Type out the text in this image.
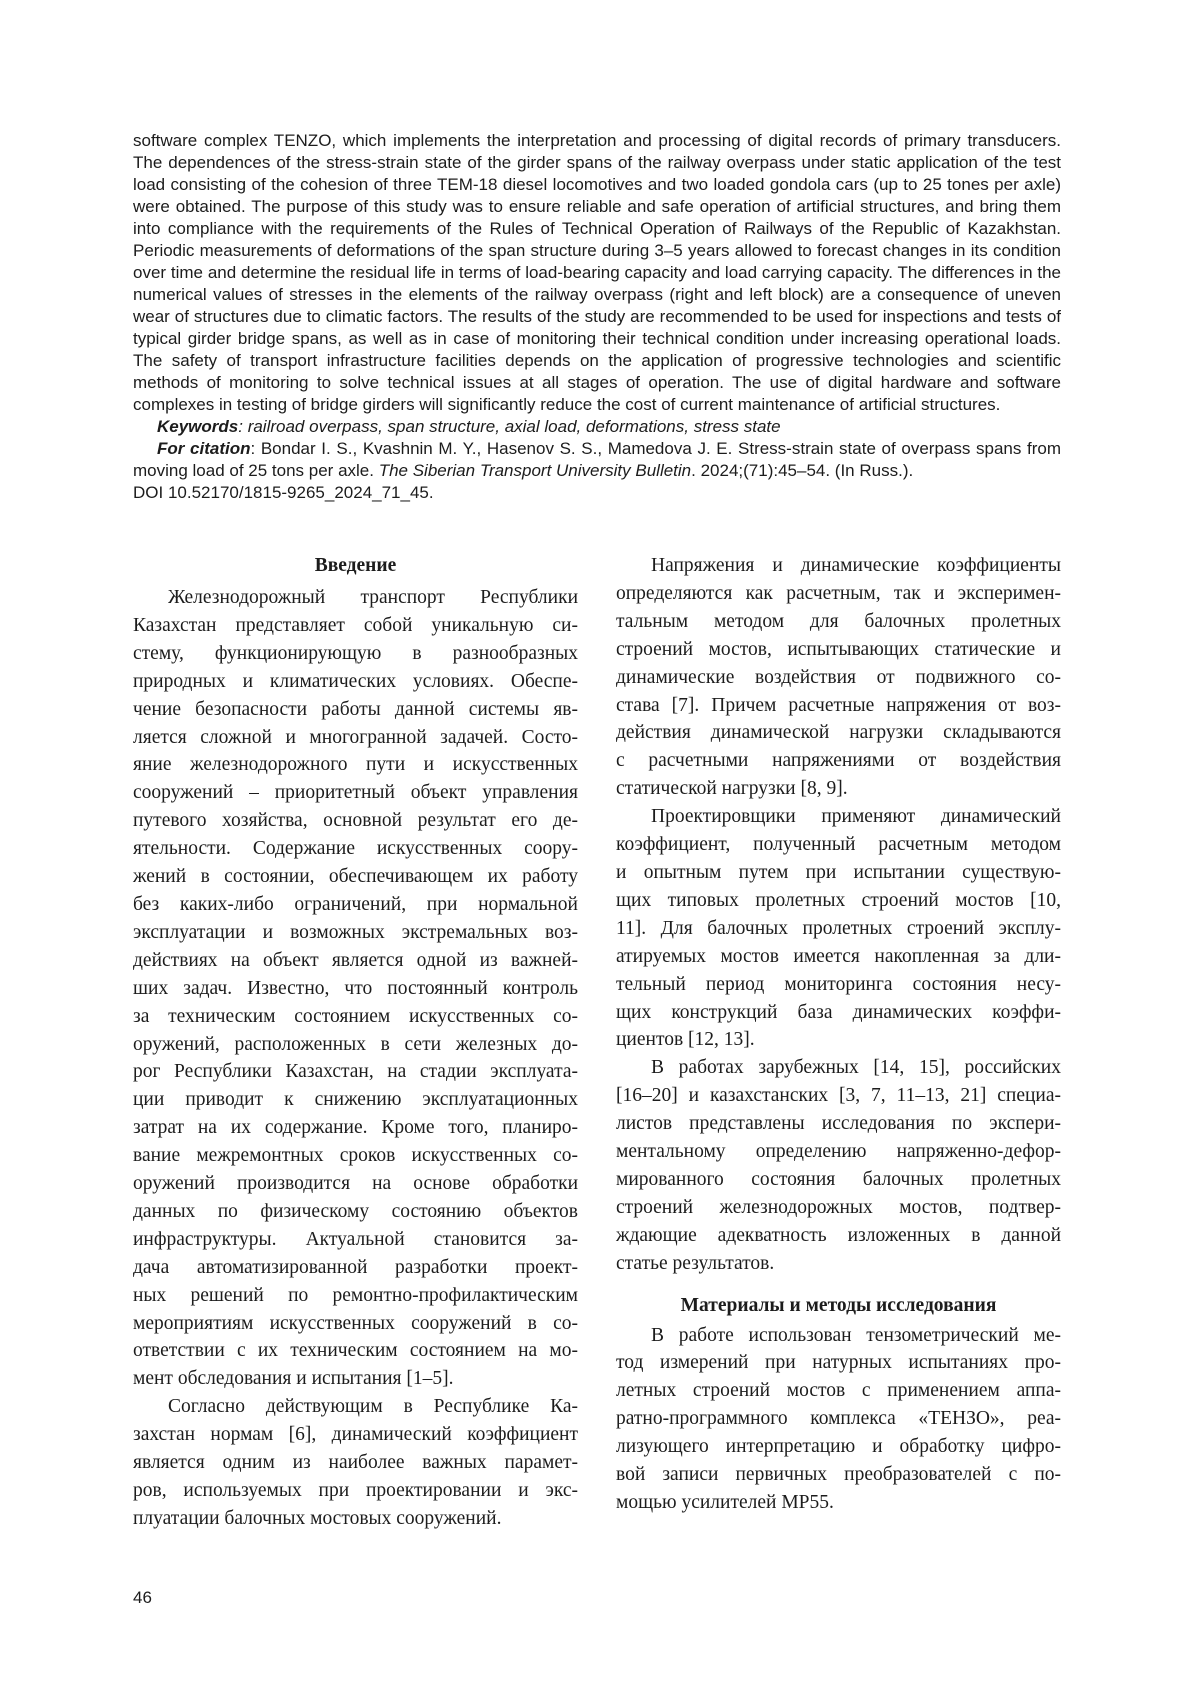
software complex TENZO, which implements the interpretation and processing of digital records of primary transducers. The dependences of the stress-strain state of the girder spans of the railway overpass under static application of the test load consisting of the cohesion of three TEM-18 diesel locomotives and two loaded gondola cars (up to 25 tones per axle) were obtained. The purpose of this study was to ensure reliable and safe operation of artificial structures, and bring them into compliance with the requirements of the Rules of Technical Operation of Railways of the Republic of Kazakhstan. Periodic measurements of deformations of the span structure during 3–5 years allowed to forecast changes in its condition over time and determine the residual life in terms of load-bearing capacity and load carrying capacity. The differences in the numerical values of stresses in the elements of the railway overpass (right and left block) are a consequence of uneven wear of structures due to climatic factors. The results of the study are recommended to be used for inspections and tests of typical girder bridge spans, as well as in case of monitoring their technical condition under increasing operational loads. The safety of transport infrastructure facilities depends on the application of progressive technologies and scientific methods of monitoring to solve technical issues at all stages of operation. The use of digital hardware and software complexes in testing of bridge girders will significantly reduce the cost of current maintenance of artificial structures.

Keywords: railroad overpass, span structure, axial load, deformations, stress state

For citation: Bondar I. S., Kvashnin M. Y., Hasenov S. S., Mamedova J. E. Stress-strain state of overpass spans from moving load of 25 tons per axle. The Siberian Transport University Bulletin. 2024;(71):45–54. (In Russ.).

DOI 10.52170/1815-9265_2024_71_45.

Введение
Железнодорожный транспорт Республики
Казахстан представляет собой уникальную си-
стему, функционирующую в разнообразных
природных и климатических условиях. Обеспе-
чение безопасности работы данной системы яв-
ляется сложной и многогранной задачей. Состо-
яние железнодорожного пути и искусственных
сооружений – приоритетный объект управления
путевого хозяйства, основной результат его де-
ятельности. Содержание искусственных соору-
жений в состоянии, обеспечивающем их работу
без каких-либо ограничений, при нормальной
эксплуатации и возможных экстремальных воз-
действиях на объект является одной из важней-
ших задач. Известно, что постоянный контроль
за техническим состоянием искусственных со-
оружений, расположенных в сети железных до-
рог Республики Казахстан, на стадии эксплуата-
ции приводит к снижению эксплуатационных
затрат на их содержание. Кроме того, планиро-
вание межремонтных сроков искусственных со-
оружений производится на основе обработки
данных по физическому состоянию объектов
инфраструктуры. Актуальной становится за-
дача автоматизированной разработки проект-
ных решений по ремонтно-профилактическим
мероприятиям искусственных сооружений в со-
ответствии с их техническим состоянием на мо-
мент обследования и испытания [1–5].
Согласно действующим в Республике Ка-
захстан нормам [6], динамический коэффициент
является одним из наиболее важных парамет-
ров, используемых при проектировании и экс-
плуатации балочных мостовых сооружений.
Напряжения и динамические коэффициенты
определяются как расчетным, так и эксперимен-
тальным методом для балочных пролетных
строений мостов, испытывающих статические и
динамические воздействия от подвижного со-
става [7]. Причем расчетные напряжения от воз-
действия динамической нагрузки складываются
с расчетными напряжениями от воздействия
статической нагрузки [8, 9].
Проектировщики применяют динамический
коэффициент, полученный расчетным методом
и опытным путем при испытании существую-
щих типовых пролетных строений мостов [10,
11]. Для балочных пролетных строений эксплу-
атируемых мостов имеется накопленная за дли-
тельный период мониторинга состояния несу-
щих конструкций база динамических коэффи-
циентов [12, 13].
В работах зарубежных [14, 15], российских
[16–20] и казахстанских [3, 7, 11–13, 21] специа-
листов представлены исследования по экспери-
ментальному определению напряженно-дефор-
мированного состояния балочных пролетных
строений железнодорожных мостов, подтвер-
ждающие адекватность изложенных в данной
статье результатов.
Материалы и методы исследования
В работе использован тензометрический ме-
тод измерений при натурных испытаниях про-
летных строений мостов с применением аппа-
ратно-программного комплекса «ТЕНЗО», реа-
лизующего интерпретацию и обработку цифро-
вой записи первичных преобразователей с по-
мощью усилителей МР55.
46
